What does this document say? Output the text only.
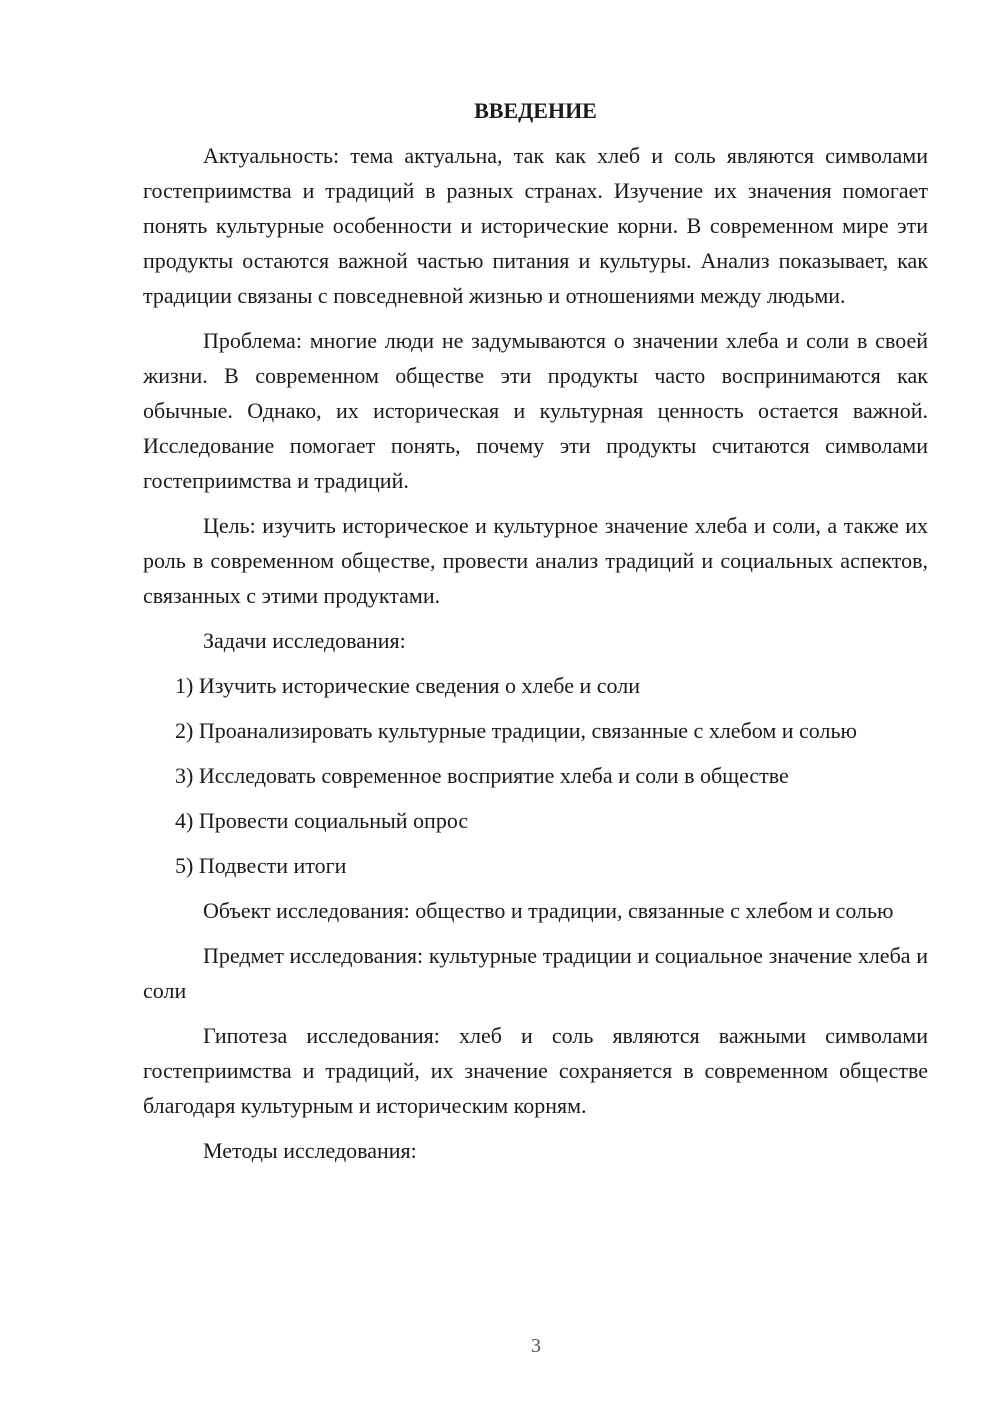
ВВЕДЕНИЕ

Актуальность: тема актуальна, так как хлеб и соль являются символами гостеприимства и традиций в разных странах. Изучение их значения помогает понять культурные особенности и исторические корни. В современном мире эти продукты остаются важной частью питания и культуры. Анализ показывает, как традиции связаны с повседневной жизнью и отношениями между людьми.

Проблема: многие люди не задумываются о значении хлеба и соли в своей жизни. В современном обществе эти продукты часто воспринимаются как обычные. Однако, их историческая и культурная ценность остается важной. Исследование помогает понять, почему эти продукты считаются символами гостеприимства и традиций.

Цель: изучить историческое и культурное значение хлеба и соли, а также их роль в современном обществе, провести анализ традиций и социальных аспектов, связанных с этими продуктами.

Задачи исследования:

1) Изучить исторические сведения о хлебе и соли

2) Проанализировать культурные традиции, связанные с хлебом и солью

3) Исследовать современное восприятие хлеба и соли в обществе

4) Провести социальный опрос

5) Подвести итоги

Объект исследования: общество и традиции, связанные с хлебом и солью

Предмет исследования: культурные традиции и социальное значение хлеба и соли

Гипотеза исследования: хлеб и соль являются важными символами гостеприимства и традиций, их значение сохраняется в современном обществе благодаря культурным и историческим корням.

Методы исследования:

3
